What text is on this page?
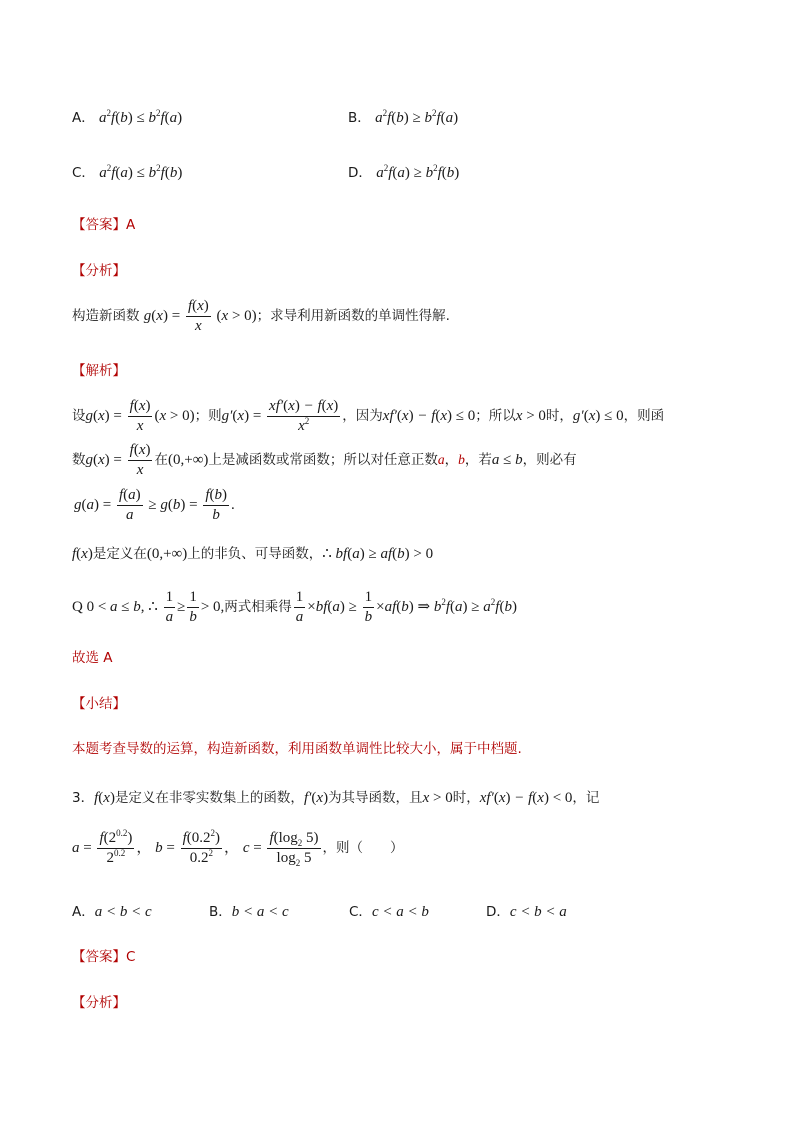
A． $a^2f(b) \le b^2f(a)$	B． $a^2f(b) \ge b^2f(a)$
C． $a^2f(a) \le b^2f(b)$	D． $a^2f(a) \ge b^2f(b)$
【答案】A
【分析】
构造新函数 $g(x) = \frac{f(x)}{x} (x > 0)$；求导利用新函数的单调性得解.
【解析】
设$g(x) = \frac{f(x)}{x} (x > 0)$；则$g'(x) = \frac{xf'(x) - f(x)}{x^2}$ ，因为xf′(x) − f(x) ≤ 0；所以x > 0时，g′(x) ≤ 0，则函
数$g(x) = \frac{f(x)}{x}$ 在(0,+∞)上是减函数或常函数；所以对任意正数a，b，若a ≤ b，则必有
$g(a) = \frac{f(a)}{a} \ge g(b) = \frac{f(b)}{b}$ .
f(x)是定义在(0,+∞)上的非负、可导函数，∴ bf(a) ≥ af(b) > 0
Q 0 < a ≤ b, ∴ $\frac{1}{a} \ge \frac{1}{b} > 0$,两式相乘得 $\frac{1}{a} \times bf(a) \ge \frac{1}{b} \times af(b)$ ⇒ $b^2f(a) \ge a^2f(b)$
故选 A
【小结】
本题考查导数的运算，构造新函数，利用函数单调性比较大小，属于中档题.
3．f(x)是定义在非零实数集上的函数，f′(x)为其导函数，且x > 0时，xf′(x) − f(x) < 0，记
$a = \frac{f(2^{0.2})}{2^{0.2}}$ ， $b = \frac{f(0.2^2)}{0.2^2}$ ， $c = \frac{f(\log_2 5)}{\log_2 5}$ ，则（　　）
A．a < b < c	B．b < a < c	C．c < a < b	D．c < b < a
【答案】C
【分析】
